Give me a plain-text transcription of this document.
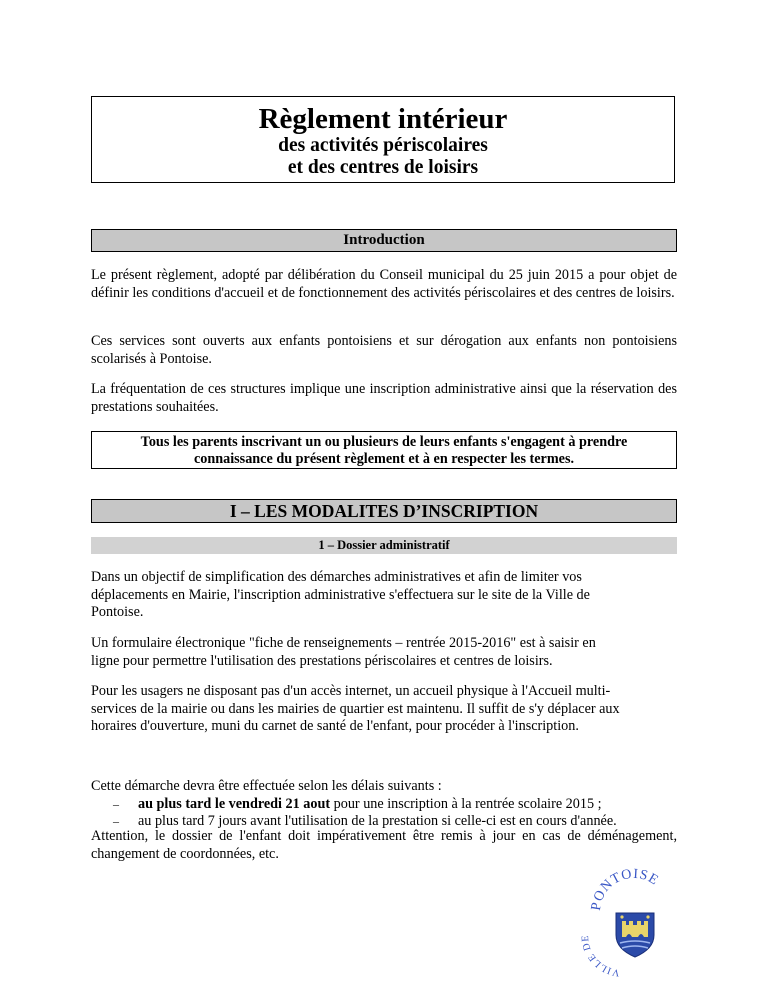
Règlement intérieur
des activités périscolaires
et des centres de loisirs
Introduction
Le présent règlement, adopté par délibération du Conseil municipal du 25 juin 2015 a pour objet de définir les conditions d'accueil et de fonctionnement des activités périscolaires et des centres de loisirs.
Ces services sont ouverts aux enfants pontoisiens et sur dérogation aux enfants non pontoisiens scolarisés à Pontoise.
La fréquentation de ces structures implique une inscription administrative ainsi que la réservation des prestations souhaitées.
Tous les parents inscrivant un ou plusieurs de leurs enfants s'engagent à prendre
connaissance du présent règlement et à en respecter les termes.
I – LES MODALITES D’INSCRIPTION
1 – Dossier administratif
Dans un objectif de simplification des démarches administratives et afin de limiter vos
déplacements en Mairie, l'inscription administrative s'effectuera sur le site de la Ville de
Pontoise.
Un formulaire électronique "fiche de renseignements – rentrée 2015-2016" est à saisir en
ligne pour permettre l'utilisation des prestations périscolaires et centres de loisirs.
Pour les usagers ne disposant pas d'un accès internet, un accueil physique à l'Accueil multi-
services de la mairie ou dans les mairies de quartier est maintenu. Il suffit de s'y déplacer aux
horaires d'ouverture, muni du carnet de santé de l'enfant, pour procéder à l'inscription.
Cette démarche devra être effectuée selon les délais suivants :
– au plus tard le vendredi 21 aout pour une inscription à la rentrée scolaire 2015 ;
– au plus tard 7 jours avant l'utilisation de la prestation si celle-ci est en cours d'année.
Attention, le dossier de l'enfant doit impérativement être remis à jour en cas de déménagement, changement de coordonnées, etc.
PONTOISE
VILLE DE
